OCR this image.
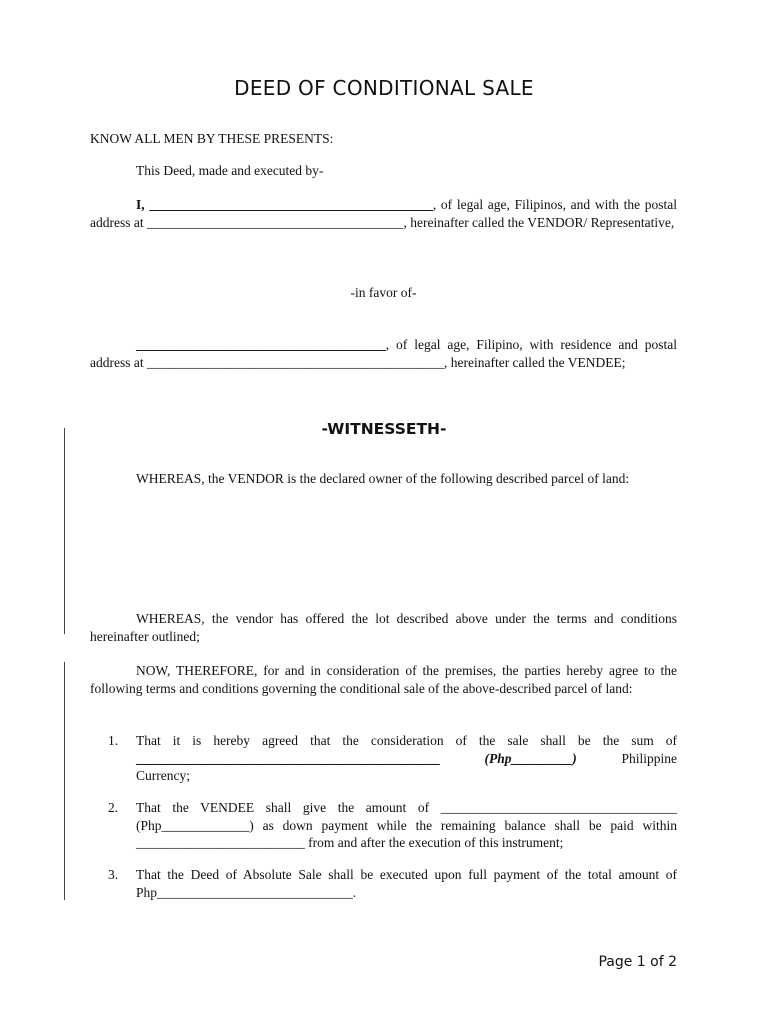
DEED OF CONDITIONAL SALE
KNOW ALL MEN BY THESE PRESENTS:
This Deed, made and executed by-
I, __________________________________________, of legal age, Filipinos, and with the postal address at ______________________________________, hereinafter called the VENDOR/ Representative,
-in favor of-
_____________________________________, of legal age, Filipino, with residence and postal address at ____________________________________________, hereinafter called the VENDEE;
-WITNESSETH-
WHEREAS, the VENDOR is the declared owner of the following described parcel of land:
WHEREAS, the vendor has offered the lot described above under the terms and conditions hereinafter outlined;
NOW, THEREFORE, for and in consideration of the premises, the parties hereby agree to the following terms and conditions governing the conditional sale of the above-described parcel of land:
1.	That it is hereby agreed that the consideration of the sale shall be the sum of
_____________________________________________	(Php_________)	Philippine
Currency;
2.	That the VENDEE shall give the amount of ___________________________________ (Php_____________) as down payment while the remaining balance shall be paid within _________________________ from and after the execution of this instrument;
3.	That the Deed of Absolute Sale shall be executed upon full payment of the total amount of Php_____________________________.
Page 1 of 2
